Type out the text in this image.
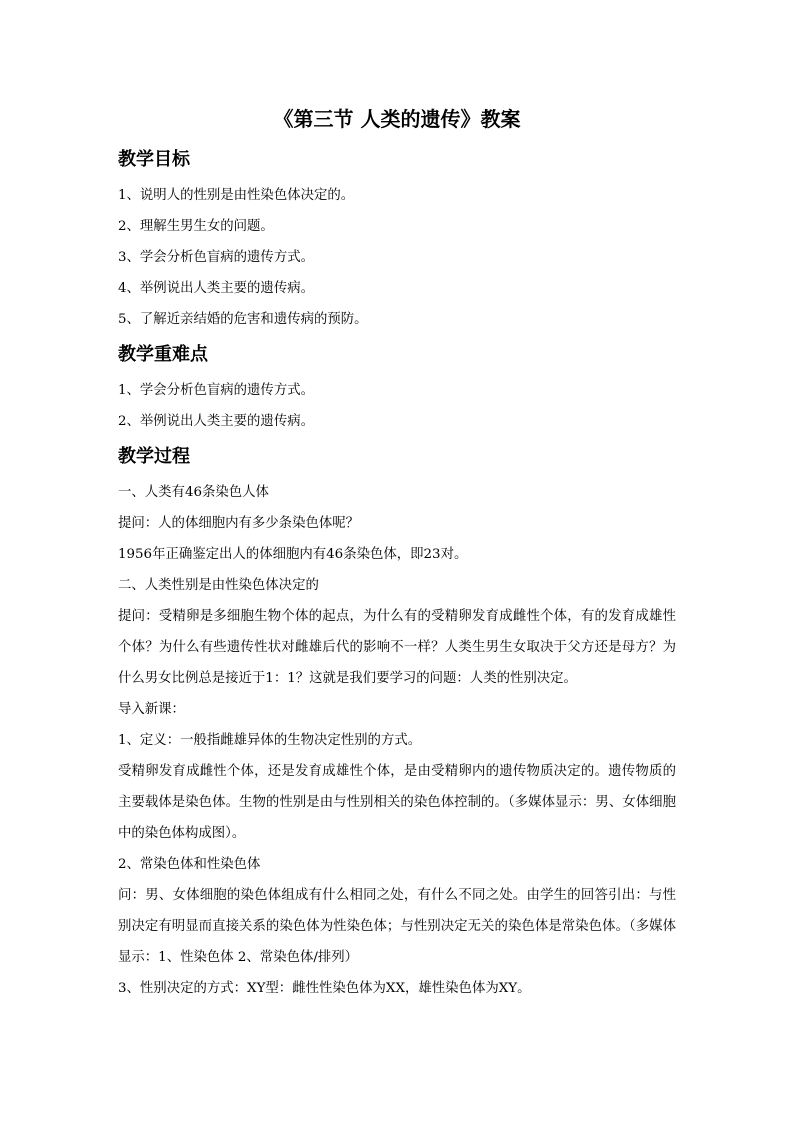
《第三节 人类的遗传》教案
教学目标

1、说明人的性别是由性染色体决定的。

2、理解生男生女的问题。

3、学会分析色盲病的遗传方式。

4、举例说出人类主要的遗传病。

5、了解近亲结婚的危害和遗传病的预防。

教学重难点

1、学会分析色盲病的遗传方式。

2、举例说出人类主要的遗传病。

教学过程

一、人类有46条染色人体

提问：人的体细胞内有多少条染色体呢？

1956年正确鉴定出人的体细胞内有46条染色体，即23对。

二、人类性别是由性染色体决定的

提问：受精卵是多细胞生物个体的起点，为什么有的受精卵发育成雌性个体，有的发育成雄性个体？为什么有些遗传性状对雌雄后代的影响不一样？人类生男生女取决于父方还是母方？为什么男女比例总是接近于1：1？这就是我们要学习的问题：人类的性别决定。

导入新课：

1、定义：一般指雌雄异体的生物决定性别的方式。

受精卵发育成雌性个体，还是发育成雄性个体，是由受精卵内的遗传物质决定的。遗传物质的主要载体是染色体。生物的性别是由与性别相关的染色体控制的。（多媒体显示：男、女体细胞中的染色体构成图）。

2、常染色体和性染色体

问：男、女体细胞的染色体组成有什么相同之处，有什么不同之处。由学生的回答引出：与性别决定有明显而直接关系的染色体为性染色体；与性别决定无关的染色体是常染色体。（多媒体显示：1、性染色体 2、常染色体/排列）

3、性别决定的方式：XY型：雌性性染色体为XX，雄性染色体为XY。
